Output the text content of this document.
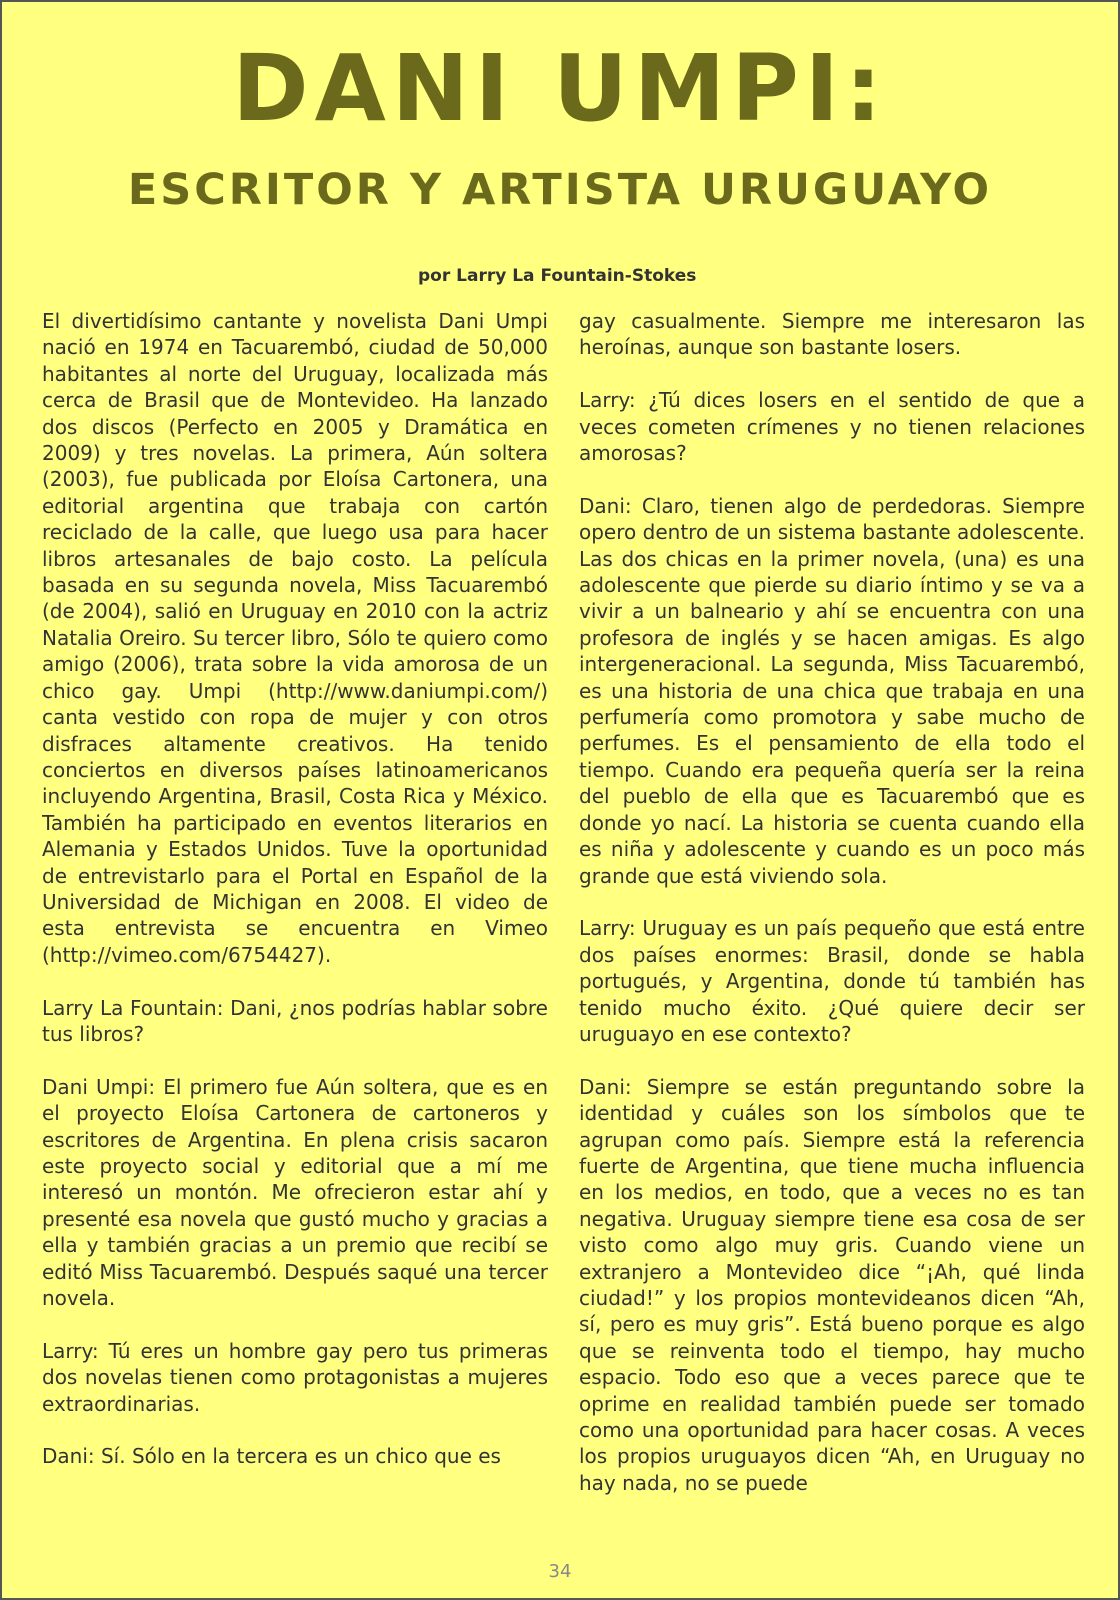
DANI UMPI:
ESCRITOR Y ARTISTA URUGUAYO

por Larry La Fountain-Stokes

El divertidísimo cantante y novelista Dani Umpi nació en 1974 en Tacuarembó, ciudad de 50,000 habitantes al norte del Uruguay, localizada más cerca de Brasil que de Montevideo. Ha lanzado dos discos (Perfecto en 2005 y Dramática en 2009) y tres novelas. La primera, Aún soltera (2003), fue publicada por Eloísa Cartonera, una editorial argentina que trabaja con cartón reciclado de la calle, que luego usa para hacer libros artesanales de bajo costo. La película basada en su segunda novela, Miss Tacuarembó (de 2004), salió en Uruguay en 2010 con la actriz Natalia Oreiro. Su tercer libro, Sólo te quiero como amigo (2006), trata sobre la vida amorosa de un chico gay. Umpi (http://www.daniumpi.com/) canta vestido con ropa de mujer y con otros disfraces altamente creativos. Ha tenido conciertos en diversos países latinoamericanos incluyendo Argentina, Brasil, Costa Rica y México. También ha participado en eventos literarios en Alemania y Estados Unidos. Tuve la oportunidad de entrevistarlo para el Portal en Español de la Universidad de Michigan en 2008. El video de esta entrevista se encuentra en Vimeo (http://vimeo.com/6754427).

Larry La Fountain: Dani, ¿nos podrías hablar sobre tus libros?

Dani Umpi: El primero fue Aún soltera, que es en el proyecto Eloísa Cartonera de cartoneros y escritores de Argentina. En plena crisis sacaron este proyecto social y editorial que a mí me interesó un montón. Me ofrecieron estar ahí y presenté esa novela que gustó mucho y gracias a ella y también gracias a un premio que recibí se editó Miss Tacuarembó. Después saqué una tercer novela.

Larry: Tú eres un hombre gay pero tus primeras dos novelas tienen como protagonistas a mujeres extraordinarias.

Dani: Sí. Sólo en la tercera es un chico que es

gay casualmente. Siempre me interesaron las heroínas, aunque son bastante losers.

Larry: ¿Tú dices losers en el sentido de que a veces cometen crímenes y no tienen relaciones amorosas?

Dani: Claro, tienen algo de perdedoras. Siempre opero dentro de un sistema bastante adolescente. Las dos chicas en la primer novela, (una) es una adolescente que pierde su diario íntimo y se va a vivir a un balneario y ahí se encuentra con una profesora de inglés y se hacen amigas. Es algo intergeneracional. La segunda, Miss Tacuarembó, es una historia de una chica que trabaja en una perfumería como promotora y sabe mucho de perfumes. Es el pensamiento de ella todo el tiempo. Cuando era pequeña quería ser la reina del pueblo de ella que es Tacuarembó que es donde yo nací. La historia se cuenta cuando ella es niña y adolescente y cuando es un poco más grande que está viviendo sola.

Larry: Uruguay es un país pequeño que está entre dos países enormes: Brasil, donde se habla portugués, y Argentina, donde tú también has tenido mucho éxito. ¿Qué quiere decir ser uruguayo en ese contexto?

Dani: Siempre se están preguntando sobre la identidad y cuáles son los símbolos que te agrupan como país. Siempre está la referencia fuerte de Argentina, que tiene mucha influencia en los medios, en todo, que a veces no es tan negativa. Uruguay siempre tiene esa cosa de ser visto como algo muy gris. Cuando viene un extranjero a Montevideo dice “¡Ah, qué linda ciudad!” y los propios montevideanos dicen “Ah, sí, pero es muy gris”. Está bueno porque es algo que se reinventa todo el tiempo, hay mucho espacio. Todo eso que a veces parece que te oprime en realidad también puede ser tomado como una oportunidad para hacer cosas. A veces los propios uruguayos dicen “Ah, en Uruguay no hay nada, no se puede

34
